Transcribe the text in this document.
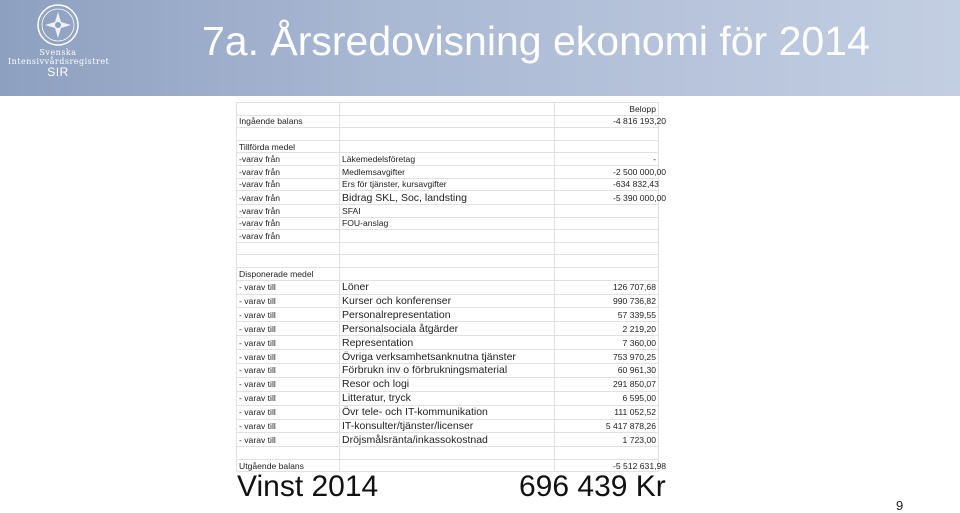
Svenska
Intensivvårdsregistret
SIR
7a. Årsredovisning ekonomi för 2014
		Belopp
Ingående balans		- 4 816 193,20

Tillförda medel		
-varav från	Läkemedelsföretag	-
-varav från	Medlemsavgifter	- 2 500 000,00
-varav från	Ers för tjänster, kursavgifter	- 634 832,43
-varav från	Bidrag SKL, Soc, landsting	- 5 390 000,00
-varav från	SFAI	
-varav från	FOU-anslag	
-varav från		

Disponerade medel		
- varav till	Löner	126 707,68
- varav till	Kurser och konferenser	990 736,82
- varav till	Personalrepresentation	57 339,55
- varav till	Personalsociala åtgärder	2 219,20
- varav till	Representation	7 360,00
- varav till	Övriga verksamhetsanknutna tjänster	753 970,25
- varav till	Förbrukn inv o förbrukningsmaterial	60 961,30
- varav till	Resor och logi	291 850,07
- varav till	Litteratur, tryck	6 595,00
- varav till	Övr tele- och IT-kommunikation	111 052,52
- varav till	IT-konsulter/tjänster/licenser	5 417 878,26
- varav till	Dröjsmålsränta/inkassokostnad	1 723,00

Utgående balans		- 5 512 631,98
Vinst 2014	696 439 Kr
9
